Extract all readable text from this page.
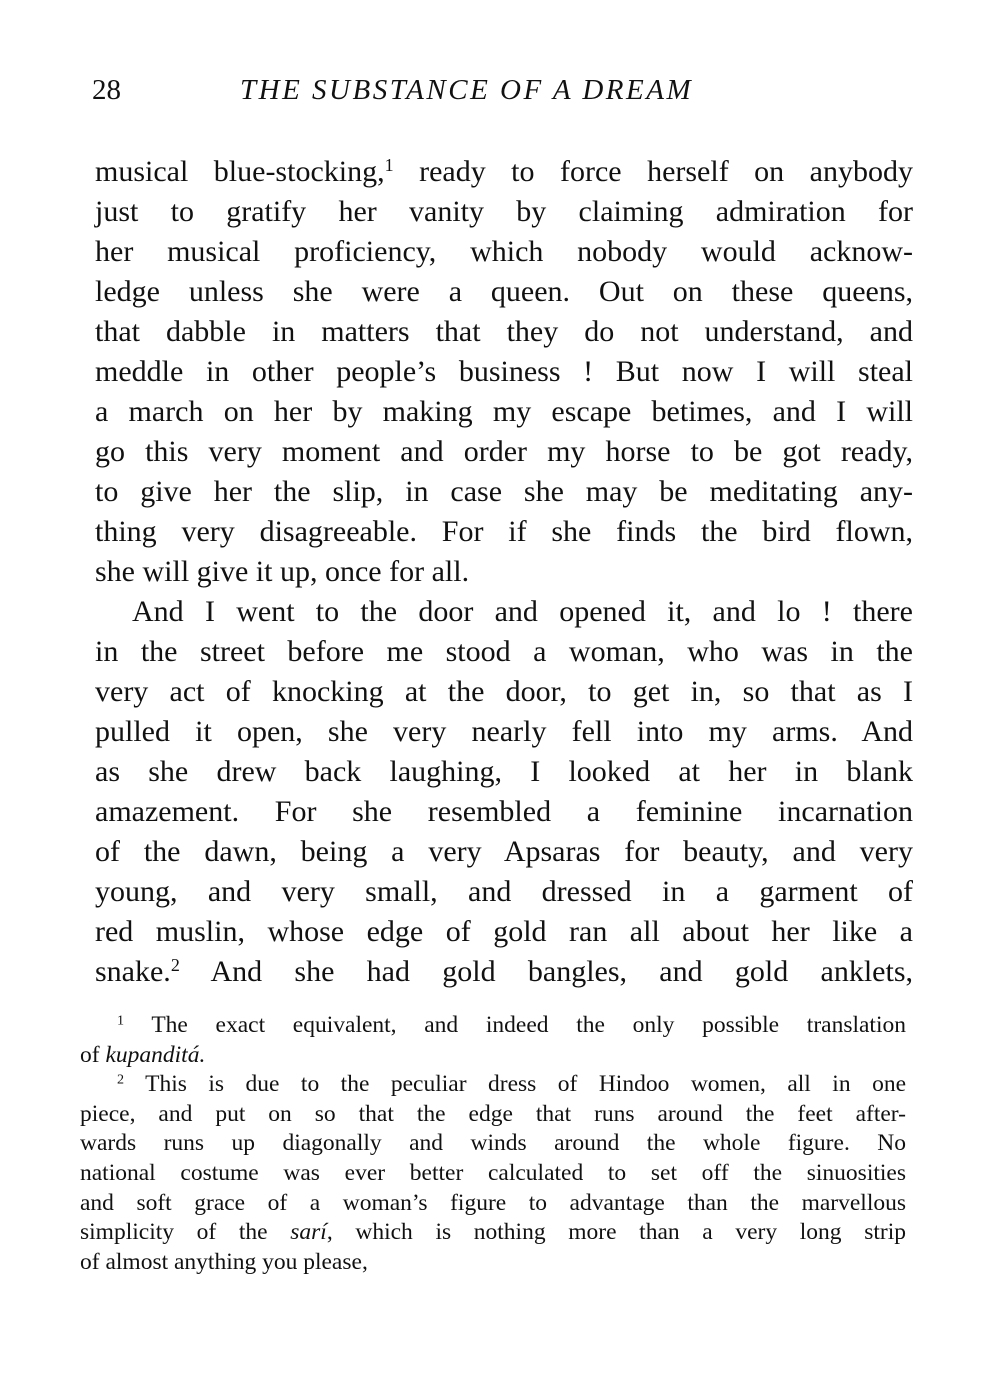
28	THE SUBSTANCE OF A DREAM
musical blue-stocking,$^1$ ready to force herself on anybody
just to gratify her vanity by claiming admiration for
her musical proficiency, which nobody would acknow-
ledge unless she were a queen. Out on these queens,
that dabble in matters that they do not understand, and
meddle in other people’s business ! But now I will steal
a march on her by making my escape betimes, and I will
go this very moment and order my horse to be got ready,
to give her the slip, in case she may be meditating any-
thing very disagreeable. For if she finds the bird flown,
she will give it up, once for all.
And I went to the door and opened it, and lo ! there
in the street before me stood a woman, who was in the
very act of knocking at the door, to get in, so that as I
pulled it open, she very nearly fell into my arms. And
as she drew back laughing, I looked at her in blank
amazement. For she resembled a feminine incarnation
of the dawn, being a very Apsaras for beauty, and very
young, and very small, and dressed in a garment of
red muslin, whose edge of gold ran all about her like a
snake.$^2$ And she had gold bangles, and gold anklets,
$^1$ The exact equivalent, and indeed the only possible translation
of kupanditá.
$^2$ This is due to the peculiar dress of Hindoo women, all in one
piece, and put on so that the edge that runs around the feet after-
wards runs up diagonally and winds around the whole figure. No
national costume was ever better calculated to set off the sinuosities
and soft grace of a woman’s figure to advantage than the marvellous
simplicity of the sarí, which is nothing more than a very long strip
of almost anything you please,
